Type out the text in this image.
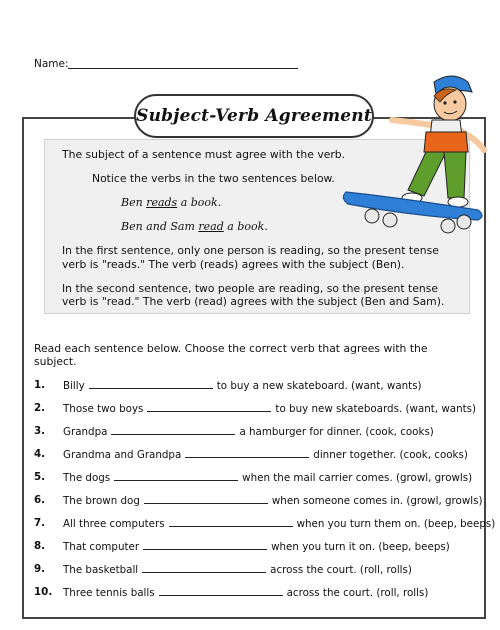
Name:
Subject-Verb Agreement
The subject of a sentence must agree with the verb.
Notice the verbs in the two sentences below.
Ben reads a book.
Ben and Sam read a book.
In the first sentence, only one person is reading, so the present tense
verb is "reads." The verb (reads) agrees with the subject (Ben).
In the second sentence, two people are reading, so the present tense
verb is "read." The verb (read) agrees with the subject (Ben and Sam).
Read each sentence below. Choose the correct verb that agrees with the
subject.
1. Billy	to buy a new skateboard. (want, wants)
2. Those two boys	to buy new skateboards. (want, wants)
3. Grandpa	a hamburger for dinner. (cook, cooks)
4. Grandma and Grandpa	dinner together. (cook, cooks)
5. The dogs	when the mail carrier comes. (growl, growls)
6. The brown dog	when someone comes in. (growl, growls)
7. All three computers	when you turn them on. (beep, beeps)
8. That computer	when you turn it on. (beep, beeps)
9. The basketball	across the court. (roll, rolls)
10. Three tennis balls	across the court. (roll, rolls)
